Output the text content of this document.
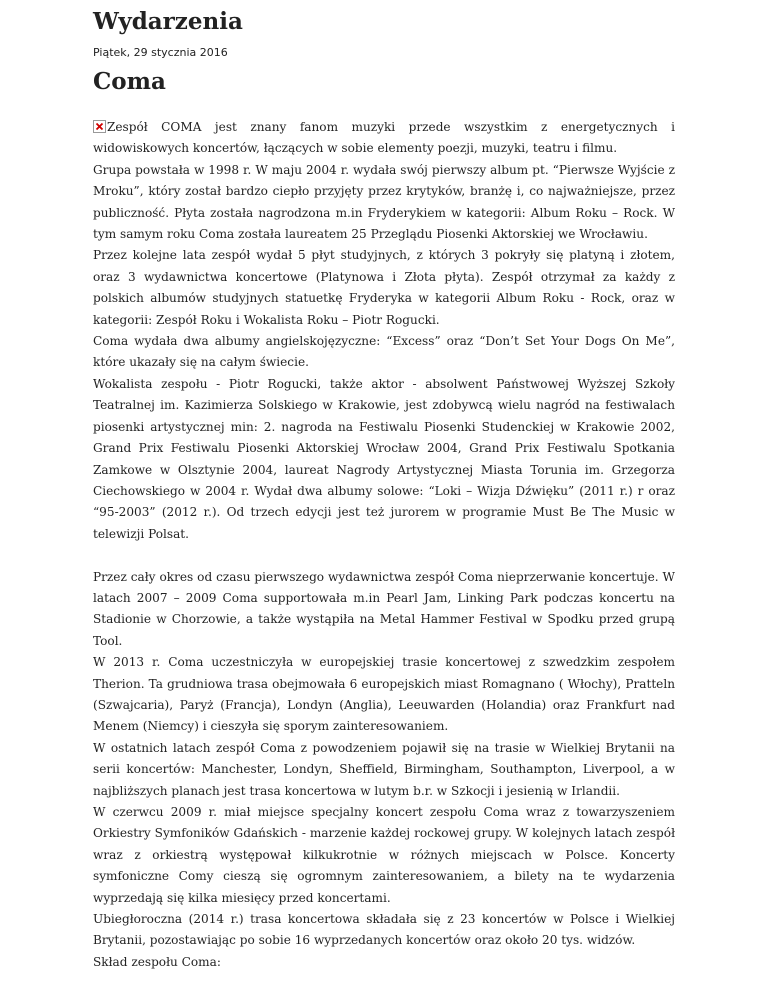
Wydarzenia
Piątek, 29 stycznia 2016
Coma

Zespół COMA jest znany fanom muzyki przede wszystkim z energetycznych i widowiskowych koncertów, łączących w sobie elementy poezji, muzyki, teatru i filmu.

Grupa powstała w 1998 r. W maju 2004 r. wydała swój pierwszy album pt. “Pierwsze Wyjście z Mroku”, który został bardzo ciepło przyjęty przez krytyków, branżę i, co najważniejsze, przez publiczność. Płyta została nagrodzona m.in Fryderykiem w kategorii: Album Roku – Rock. W tym samym roku Coma została laureatem 25 Przeglądu Piosenki Aktorskiej we Wrocławiu.

Przez kolejne lata zespół wydał 5 płyt studyjnych, z których 3 pokryły się platyną i złotem, oraz 3 wydawnictwa koncertowe (Platynowa i Złota płyta). Zespół otrzymał za każdy z polskich albumów studyjnych statuetkę Fryderyka w kategorii Album Roku - Rock, oraz w kategorii: Zespół Roku i Wokalista Roku – Piotr Rogucki.

Coma wydała dwa albumy angielskojęzyczne: “Excess” oraz “Don’t Set Your Dogs On Me”, które ukazały się na całym świecie.

Wokalista zespołu - Piotr Rogucki, także aktor - absolwent Państwowej Wyższej Szkoły Teatralnej im. Kazimierza Solskiego w Krakowie, jest zdobywcą wielu nagród na festiwalach piosenki artystycznej min: 2. nagroda na Festiwalu Piosenki Studenckiej w Krakowie 2002, Grand Prix Festiwalu Piosenki Aktorskiej Wrocław 2004, Grand Prix Festiwalu Spotkania Zamkowe w Olsztynie 2004, laureat Nagrody Artystycznej Miasta Torunia im. Grzegorza Ciechowskiego w 2004 r. Wydał dwa albumy solowe: “Loki – Wizja Dźwięku” (2011 r.) r oraz “95-2003” (2012 r.). Od trzech edycji jest też jurorem w programie Must Be The Music w telewizji Polsat.

Przez cały okres od czasu pierwszego wydawnictwa zespół Coma nieprzerwanie koncertuje. W latach 2007 – 2009 Coma supportowała m.in Pearl Jam, Linking Park podczas koncertu na Stadionie w Chorzowie, a także wystąpiła na Metal Hammer Festival w Spodku przed grupą Tool.

W 2013 r. Coma uczestniczyła w europejskiej trasie koncertowej z szwedzkim zespołem Therion. Ta grudniowa trasa obejmowała 6 europejskich miast Romagnano ( Włochy), Pratteln (Szwajcaria), Paryż (Francja), Londyn (Anglia), Leeuwarden (Holandia) oraz Frankfurt nad Menem (Niemcy) i cieszyła się sporym zainteresowaniem.

W ostatnich latach zespół Coma z powodzeniem pojawił się na trasie w Wielkiej Brytanii na serii koncertów: Manchester, Londyn, Sheffield, Birmingham, Southampton, Liverpool, a w najbliższych planach jest trasa koncertowa w lutym b.r. w Szkocji i jesienią w Irlandii.

W czerwcu 2009 r. miał miejsce specjalny koncert zespołu Coma wraz z towarzyszeniem Orkiestry Symfoników Gdańskich - marzenie każdej rockowej grupy. W kolejnych latach zespół wraz z orkiestrą występował kilkukrotnie w różnych miejscach w Polsce. Koncerty symfoniczne Comy cieszą się ogromnym zainteresowaniem, a bilety na te wydarzenia wyprzedają się kilka miesięcy przed koncertami.

Ubiegłoroczna (2014 r.) trasa koncertowa składała się z 23 koncertów w Polsce i Wielkiej Brytanii, pozostawiając po sobie 16 wyprzedanych koncertów oraz około 20 tys. widzów.

Skład zespołu Coma:
